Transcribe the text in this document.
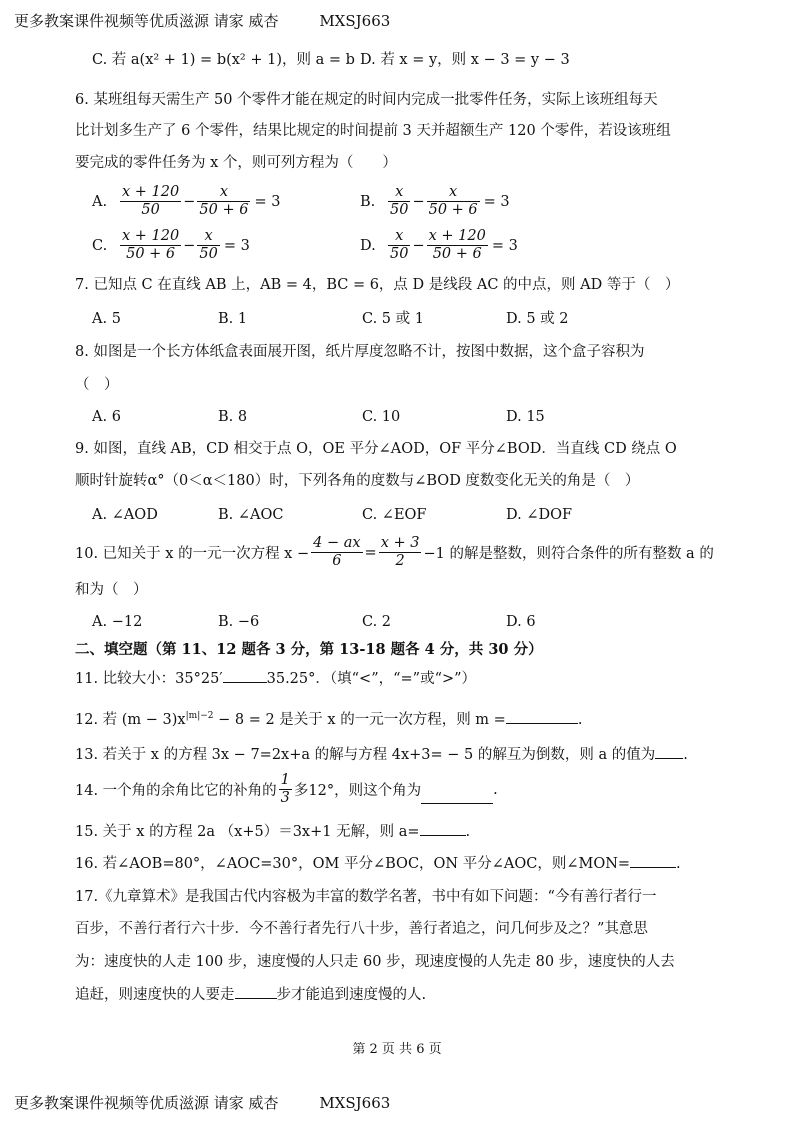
更多教案课件视频等优质滋源 请家 威杏	MXSJ663
C. 若 a(x² + 1) = b(x² + 1)，则 a = b D. 若 x = y，则 x − 3 = y − 3
6. 某班组每天需生产 50 个零件才能在规定的时间内完成一批零件任务，实际上该班组每天
比计划多生产了 6 个零件，结果比规定的时间提前 3 天并超额生产 120 个零件，若设该班组
要完成的零件任务为 x 个，则可列方程为（　　）
A. $\frac{x + 120}{50} - \frac{x}{50 + 6} = 3$	B. $\frac{x}{50} - \frac{x}{50 + 6} = 3$
C. $\frac{x + 120}{50 + 6} - \frac{x}{50} = 3$	D. $\frac{x}{50} - \frac{x + 120}{50 + 6} = 3$
7. 已知点 C 在直线 AB 上，AB = 4，BC = 6，点 D 是线段 AC 的中点，则 AD 等于（　）
A. 5	B. 1	C. 5 或 1	D. 5 或 2
8. 如图是一个长方体纸盒表面展开图，纸片厚度忽略不计，按图中数据，这个盒子容积为
（　）
A. 6	B. 8	C. 10	D. 15
9. 如图，直线 AB，CD 相交于点 O，OE 平分∠AOD，OF 平分∠BOD．当直线 CD 绕点 O
顺时针旋转α°（0＜α＜180）时，下列各角的度数与∠BOD 度数变化无关的角是（　）
A. ∠AOD	B. ∠AOC	C. ∠EOF	D. ∠DOF
10. 已知关于 x 的一元一次方程 $x - \frac{4 - ax}{6} = \frac{x + 3}{2} -1$ 的解是整数，则符合条件的所有整数 a 的
和为（　）
A. −12	B. −6	C. 2	D. 6
二、填空题（第 11、12 题各 3 分，第 13-18 题各 4 分，共 30 分）
11. 比较大小：35°25′	35.25°．（填“<”，“=”或“>”）
12. 若 $(m - 3)x^{|m|-2} - 8 = 2$ 是关于 x 的一元一次方程，则 m =	.
13. 若关于 x 的方程 3x − 7=2x+a 的解与方程 4x+3= − 5 的解互为倒数，则 a 的值为 .
14. 一个角的余角比它的补角的 $\frac{1}{3}$ 多12°，则这个角为	.
15. 关于 x 的方程 2a （x+5）＝3x+1 无解，则 a=	.
16. 若∠AOB=80°，∠AOC=30°，OM 平分∠BOC，ON 平分∠AOC，则∠MON=	.
17.《九章算术》是我国古代内容极为丰富的数学名著，书中有如下问题：“今有善行者行一
百步，不善行者行六十步．今不善行者先行八十步，善行者追之，问几何步及之？”其意思
为：速度快的人走 100 步，速度慢的人只走 60 步，现速度慢的人先走 80 步，速度快的人去
追赶，则速度快的人要走	步才能追到速度慢的人.
第 2 页 共 6 页
更多教案课件视频等优质滋源 请家 威杏	MXSJ663
